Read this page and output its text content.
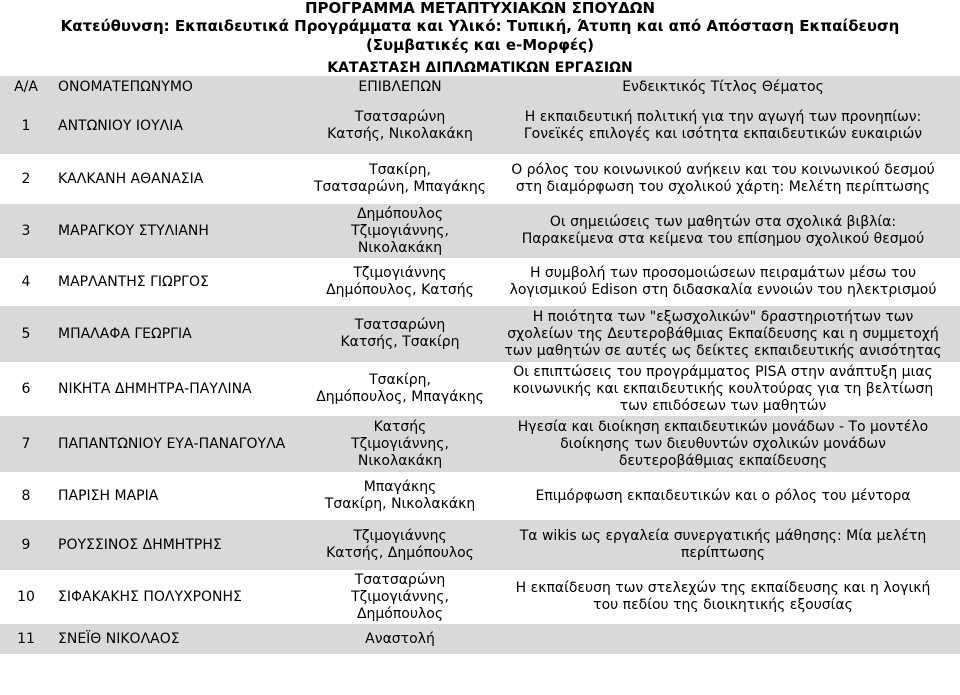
ΠΡΟΓΡΑΜΜΑ ΜΕΤΑΠΤΥΧΙΑΚΩΝ ΣΠΟΥΔΩΝ
Κατεύθυνση: Εκπαιδευτικά Προγράμματα και Υλικό: Τυπική, Άτυπη και από Απόσταση Εκπαίδευση (Συμβατικές και e-Μορφές)
ΚΑΤΑΣΤΑΣΗ ΔΙΠΛΩΜΑΤΙΚΩΝ ΕΡΓΑΣΙΩΝ
Α/Α	ΟΝΟΜΑΤΕΠΩΝΥΜΟ	ΕΠΙΒΛΕΠΩΝ	Ενδεικτικός Τίτλος Θέματος
1	ΑΝΤΩΝΙΟΥ ΙΟΥΛΙΑ	Τσατσαρώνη
Κατσής, Νικολακάκη	Η εκπαιδευτική πολιτική για την αγωγή των προνηπίων:
Γονεϊκές επιλογές και ισότητα εκπαιδευτικών ευκαιριών

2	ΚΑΛΚΑΝΗ ΑΘΑΝΑΣΙΑ	Τσακίρη,
Τσατσαρώνη, Μπαγάκης	Ο ρόλος του κοινωνικού ανήκειν και του κοινωνικού δεσμού
στη διαμόρφωση του σχολικού χάρτη: Μελέτη περίπτωσης

3	ΜΑΡΑΓΚΟΥ ΣΤΥΛΙΑΝΗ	Δημόπουλος
Τζιμογιάννης,
Νικολακάκη	Οι σημειώσεις των μαθητών στα σχολικά βιβλία:
Παρακείμενα στα κείμενα του επίσημου σχολικού θεσμού

4	ΜΑΡΛΑΝΤΗΣ ΓΙΩΡΓΟΣ	Τζιμογιάννης
Δημόπουλος, Κατσής	Η συμβολή των προσομοιώσεων πειραμάτων μέσω του
λογισμικού Edison στη διδασκαλία εννοιών του ηλεκτρισμού

5	ΜΠΑΛΑΦΑ ΓΕΩΡΓΙΑ	Τσατσαρώνη
Κατσής, Τσακίρη	Η ποιότητα των "εξωσχολικών" δραστηριοτήτων των
σχολείων της Δευτεροβάθμιας Εκπαίδευσης και η συμμετοχή
των μαθητών σε αυτές ως δείκτες εκπαιδευτικής ανισότητας

6	ΝΙΚΗΤΑ ΔΗΜΗΤΡΑ-ΠΑΥΛΙΝΑ	Τσακίρη,
Δημόπουλος, Μπαγάκης	Οι επιπτώσεις του προγράμματος PISA στην ανάπτυξη μιας
κοινωνικής και εκπαιδευτικής κουλτούρας για τη βελτίωση
των επιδόσεων των μαθητών

7	ΠΑΠΑΝΤΩΝΙΟΥ ΕΥΑ-ΠΑΝΑΓΟΥΛΑ	Κατσής
Τζιμογιάννης,
Νικολακάκη	Ηγεσία και διοίκηση εκπαιδευτικών μονάδων - Το μοντέλο
διοίκησης των διευθυντών σχολικών μονάδων
δευτεροβάθμιας εκπαίδευσης

8	ΠΑΡΙΣΗ ΜΑΡΙΑ	Μπαγάκης
Τσακίρη, Νικολακάκη	Επιμόρφωση εκπαιδευτικών και ο ρόλος του μέντορα

9	ΡΟΥΣΣΙΝΟΣ ΔΗΜΗΤΡΗΣ	Τζιμογιάννης
Κατσής, Δημόπουλος	Τα wikis ως εργαλεία συνεργατικής μάθησης: Μία μελέτη
περίπτωσης

10	ΣΙΦΑΚΑΚΗΣ ΠΟΛΥΧΡΟΝΗΣ	Τσατσαρώνη
Τζιμογιάννης,
Δημόπουλος	Η εκπαίδευση των στελεχών της εκπαίδευσης και η λογική
του πεδίου της διοικητικής εξουσίας

11	ΣΝΕΪΘ ΝΙΚΟΛΑΟΣ	Αναστολή	
